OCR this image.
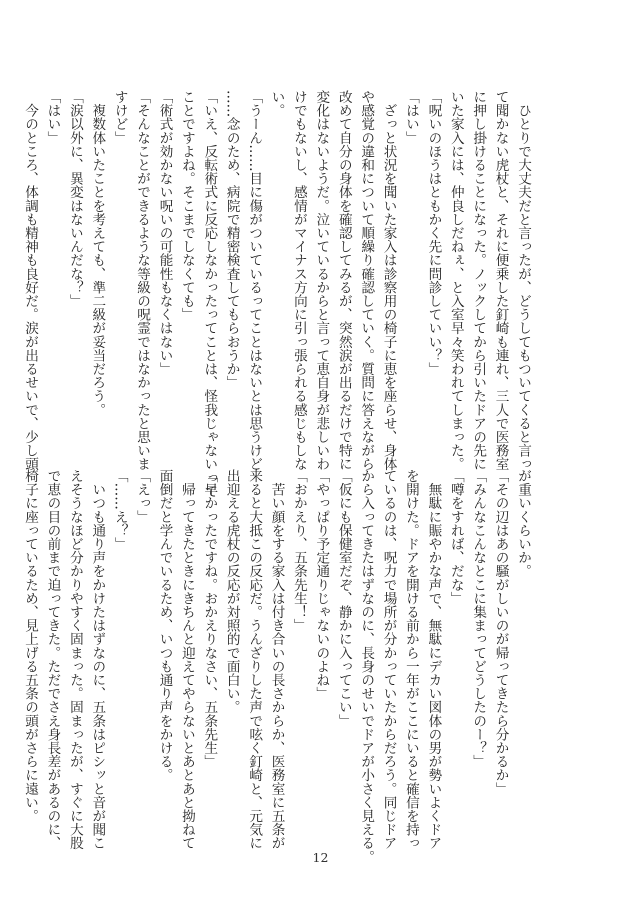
　ひとりで大丈夫だと言ったが、どうしてもついてくると言っ
て聞かない虎杖と、それに便乗した釘崎も連れ、三人で医務室
に押し掛けることになった。ノックしてから引いたドアの先に
いた家入には、仲良しだねぇ、と入室早々笑われてしまった。
「呪いのほうはともかく先に問診していい？」
「はい」
　ざっと状況を聞いた家入は診察用の椅子に恵を座らせ、身体
や感覚の違和について順繰り確認していく。質問に答えながら
改めて自分の身体を確認してみるが、突然涙が出るだけで特に
変化はないようだ。泣いているからと言って恵自身が悲しいわ
けでもないし、感情がマイナス方向に引っ張られる感じもしな
い。
「うーん……目に傷がついているってことはないとは思うけど
……念のため、病院で精密検査してもらおうか」
「いえ、反転術式に反応しなかったってことは、怪我じゃないって
ことですよね。そこまでしなくても」
「術式が効かない呪いの可能性もなくはない」
「そんなことができるような等級の呪霊ではなかったと思いま
すけど」
　複数体いたことを考えても、準二級が妥当だろう。
「涙以外に、異変はないんだな？」
「はい」
　今のところ、体調も精神も良好だ。涙が出るせいで、少し頭
が重いくらいか。
「その辺はあの騒がしいのが帰ってきたら分かるか」
「みんなこんなとこに集まってどうしたのー？」
「噂をすれば、だな」
　無駄に賑やかな声で、無駄にデカい図体の男が勢いよくドア
を開けた。ドアを開ける前から一年がここにいると確信を持っ
ているのは、呪力で場所が分かっていたからだろう。同じドア
から入ってきたはずなのに、長身のせいでドアが小さく見える。
「仮にも保健室だぞ、静かに入ってこい」
「やっぱり予定通りじゃないのよね」
「おかえり、五条先生！」
　苦い顔をする家入は付き合いの長さからか、医務室に五条が
来ると大抵この反応だ。うんざりした声で呟く釘崎と、元気に
出迎える虎杖の反応が対照的で面白い。
「早かったですね。おかえりなさい、五条先生」
　帰ってきたときにきちんと迎えてやらないとあとあと拗ねて
面倒だと学んでいるため、いつも通り声をかける。
「えっ」
「……え？」
　いつも通り声をかけたはずなのに、五条はピシッと音が聞こ
えそうなほど分かりやすく固まった。固まったが、すぐに大股
で恵の目の前まで迫ってきた。ただでさえ身長差があるのに、
椅子に座っているため、見上げる五条の頭がさらに遠い。
12
